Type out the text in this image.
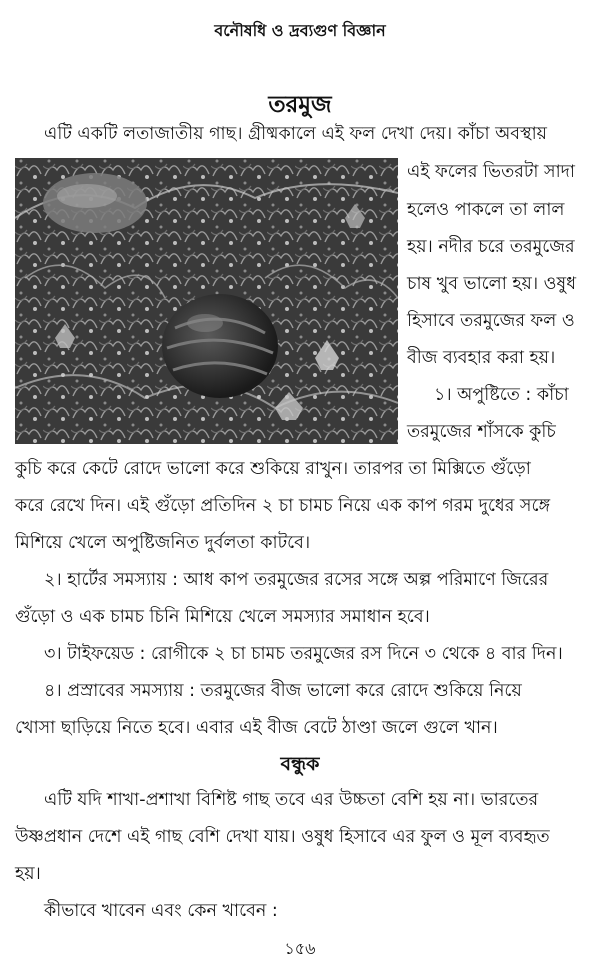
বনৌষধি ও দ্রব্যগুণ বিজ্ঞান
তরমুজ
এটি একটি লতাজাতীয় গাছ। গ্রীষ্মকালে এই ফল দেখা দেয়। কাঁচা অবস্থায়
এই ফলের ভিতরটা সাদা
হলেও পাকলে তা লাল
হয়। নদীর চরে তরমুজের
চাষ খুব ভালো হয়। ওষুধ
হিসাবে তরমুজের ফল ও
বীজ ব্যবহার করা হয়।
১। অপুষ্টিতে : কাঁচা
তরমুজের শাঁসকে কুচি
কুচি করে কেটে রোদে ভালো করে শুকিয়ে রাখুন। তারপর তা মিক্সিতে গুঁড়ো
করে রেখে দিন। এই গুঁড়ো প্রতিদিন ২ চা চামচ নিয়ে এক কাপ গরম দুধের সঙ্গে
মিশিয়ে খেলে অপুষ্টিজনিত দুর্বলতা কাটবে।
২। হার্টের সমস্যায় : আধ কাপ তরমুজের রসের সঙ্গে অল্প পরিমাণে জিরের
গুঁড়ো ও এক চামচ চিনি মিশিয়ে খেলে সমস্যার সমাধান হবে।
৩। টাইফয়েড : রোগীকে ২ চা চামচ তরমুজের রস দিনে ৩ থেকে ৪ বার দিন।
৪। প্রস্রাবের সমস্যায় : তরমুজের বীজ ভালো করে রোদে শুকিয়ে নিয়ে
খোসা ছাড়িয়ে নিতে হবে। এবার এই বীজ বেটে ঠাণ্ডা জলে গুলে খান।
বন্ধুক
এটি যদি শাখা-প্রশাখা বিশিষ্ট গাছ তবে এর উচ্চতা বেশি হয় না। ভারতের
উষ্ণপ্রধান দেশে এই গাছ বেশি দেখা যায়। ওষুধ হিসাবে এর ফুল ও মূল ব্যবহৃত
হয়।
কীভাবে খাবেন এবং কেন খাবেন :
১৫৬
